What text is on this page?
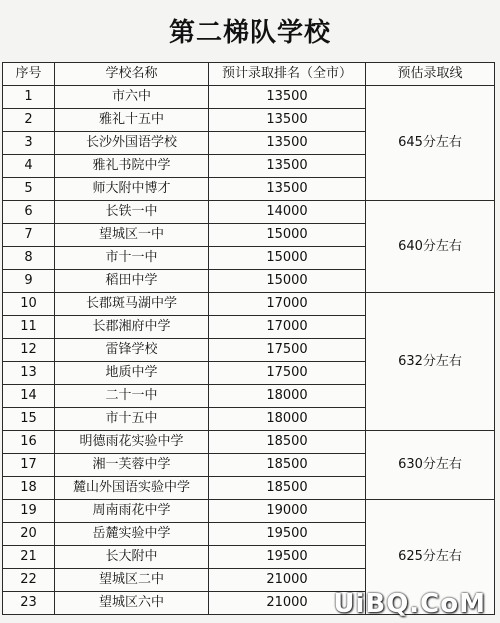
第二梯队学校
序号	学校名称	预计录取排名（全市）	预估录取线
1	市六中	13500	645分左右
2	雅礼十五中	13500	
3	长沙外国语学校	13500	
4	雅礼书院中学	13500	
5	师大附中博才	13500	
6	长铁一中	14000	640分左右
7	望城区一中	15000	
8	市十一中	15000	
9	稻田中学	15000	
10	长郡斑马湖中学	17000	632分左右
11	长郡湘府中学	17000	
12	雷锋学校	17500	
13	地质中学	17500	
14	二十一中	18000	
15	市十五中	18000	
16	明德雨花实验中学	18500	630分左右
17	湘一芙蓉中学	18500	
18	麓山外国语实验中学	18500	
19	周南雨花中学	19000	625分左右
20	岳麓实验中学	19500	
21	长大附中	19500	
22	望城区二中	21000	
23	望城区六中	21000	UiBQ.CoM
